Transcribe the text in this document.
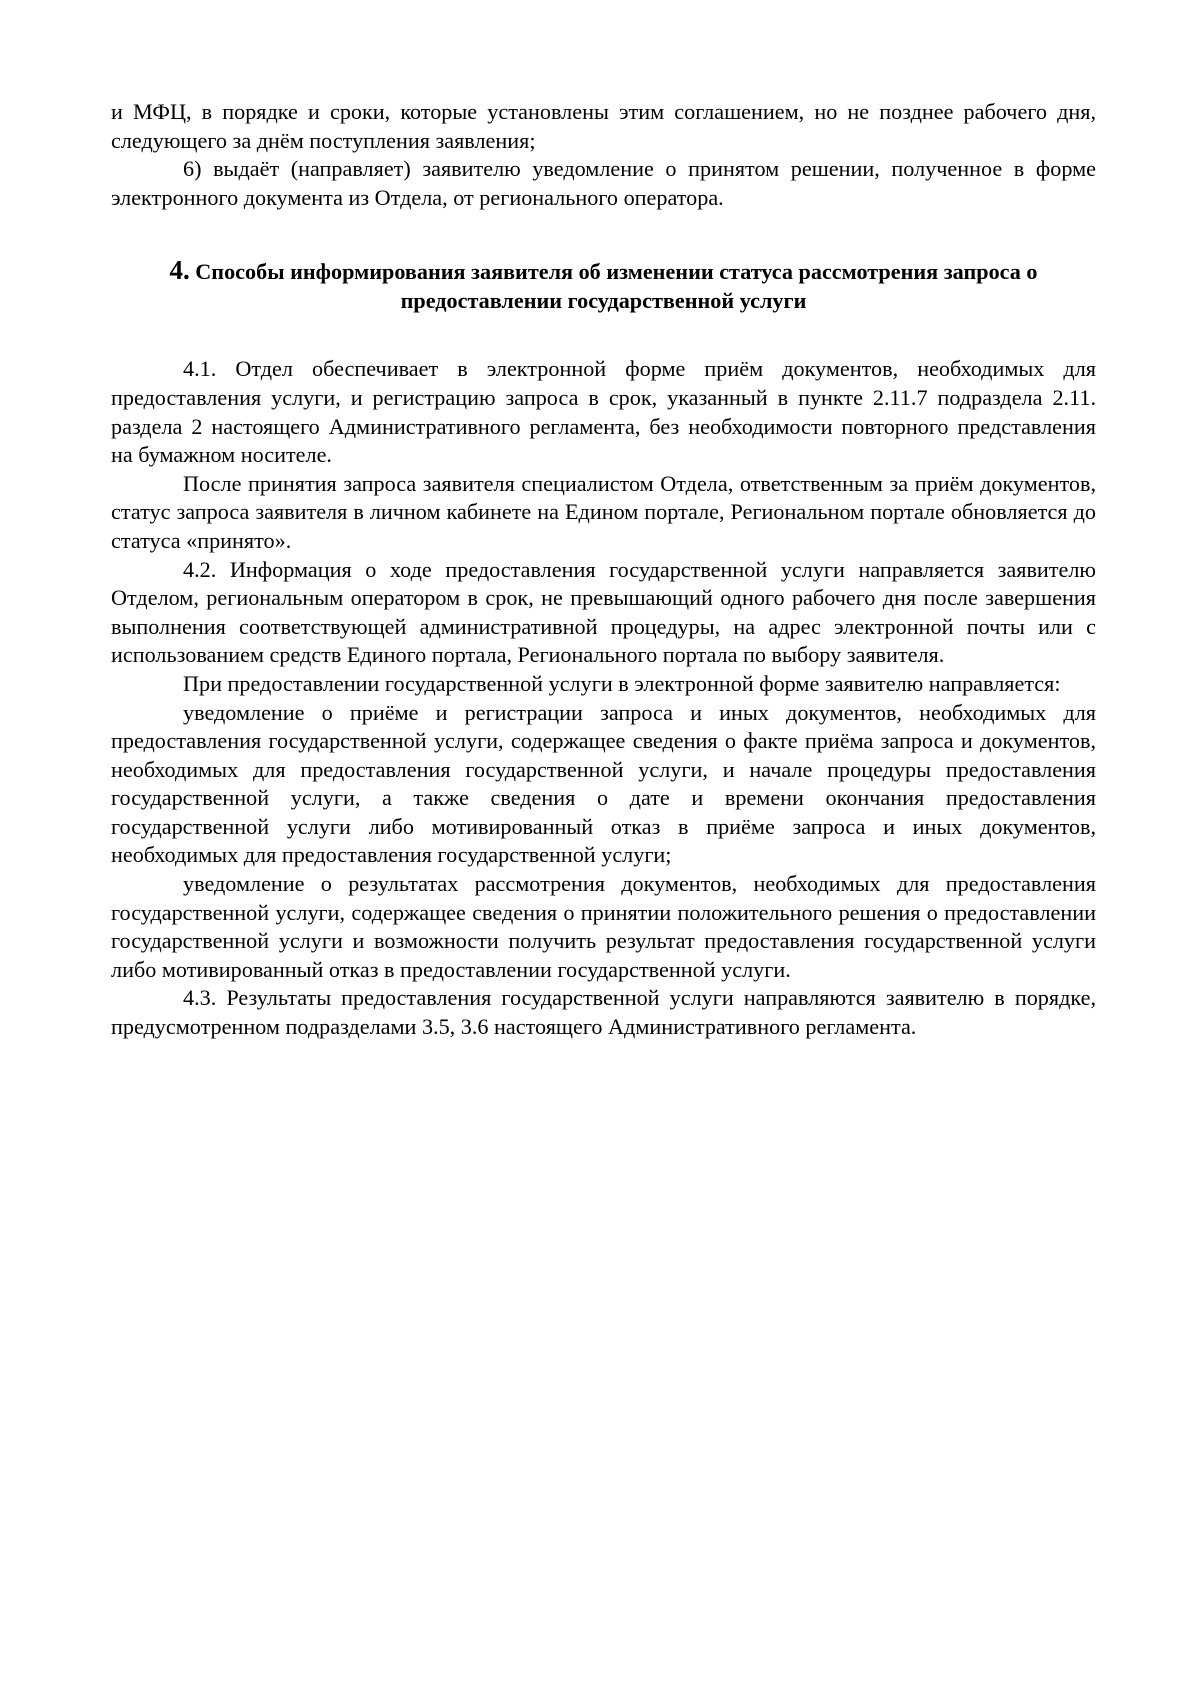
и МФЦ, в порядке и сроки, которые установлены этим соглашением, но не позднее рабочего дня, следующего за днём поступления заявления;

6) выдаёт (направляет) заявителю уведомление о принятом решении, полученное в форме электронного документа из Отдела, от регионального оператора.

4. Способы информирования заявителя об изменении статуса рассмотрения запроса о предоставлении государственной услуги

4.1. Отдел обеспечивает в электронной форме приём документов, необходимых для предоставления услуги, и регистрацию запроса в срок, указанный в пункте 2.11.7 подраздела 2.11. раздела 2 настоящего Административного регламента, без необходимости повторного представления на бумажном носителе.

После принятия запроса заявителя специалистом Отдела, ответственным за приём документов, статус запроса заявителя в личном кабинете на Едином портале, Региональном портале обновляется до статуса «принято».

4.2. Информация о ходе предоставления государственной услуги направляется заявителю Отделом, региональным оператором в срок, не превышающий одного рабочего дня после завершения выполнения соответствующей административной процедуры, на адрес электронной почты или с использованием средств Единого портала, Регионального портала по выбору заявителя.

При предоставлении государственной услуги в электронной форме заявителю направляется:

уведомление о приёме и регистрации запроса и иных документов, необходимых для предоставления государственной услуги, содержащее сведения о факте приёма запроса и документов, необходимых для предоставления государственной услуги, и начале процедуры предоставления государственной услуги, а также сведения о дате и времени окончания предоставления государственной услуги либо мотивированный отказ в приёме запроса и иных документов, необходимых для предоставления государственной услуги;

уведомление о результатах рассмотрения документов, необходимых для предоставления государственной услуги, содержащее сведения о принятии положительного решения о предоставлении государственной услуги и возможности получить результат предоставления государственной услуги либо мотивированный отказ в предоставлении государственной услуги.

4.3. Результаты предоставления государственной услуги направляются заявителю в порядке, предусмотренном подразделами 3.5, 3.6 настоящего Административного регламента.
